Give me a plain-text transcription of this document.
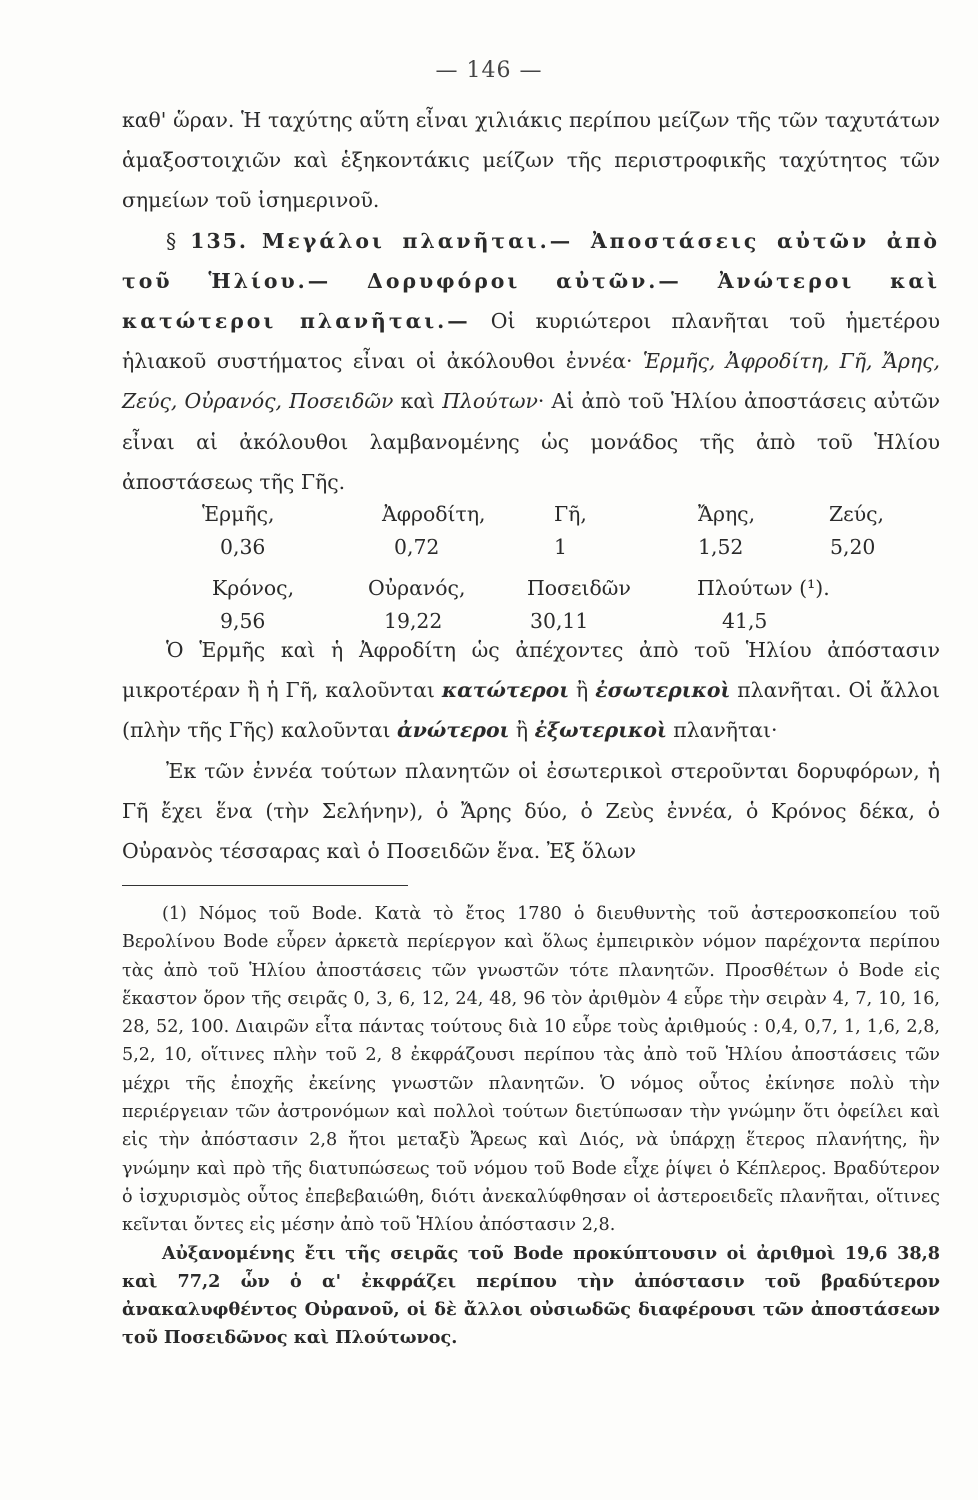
— 146 —

καθ' ὥραν. Ἡ ταχύτης αὕτη εἶναι χιλιάκις περίπου μείζων τῆς τῶν ταχυτάτων ἁμαξοστοιχιῶν καὶ ἑξηκοντάκις μείζων τῆς περιστροφικῆς ταχύτητος τῶν σημείων τοῦ ἰσημερινοῦ.

§ 135. Μεγάλοι πλανῆται.— Ἀποστάσεις αὐτῶν ἀπὸ τοῦ Ἡλίου.— Δορυφόροι αὐτῶν.— Ἀνώτεροι καὶ κατώτεροι πλανῆται.— Οἱ κυριώτεροι πλανῆται τοῦ ἡμετέρου ἡλιακοῦ συστήματος εἶναι οἱ ἀκόλουθοι ἐννέα· Ἑρμῆς, Ἀφροδίτη, Γῆ, Ἄρης, Ζεύς, Οὐρανός, Ποσειδῶν καὶ Πλούτων· Αἱ ἀπὸ τοῦ Ἡλίου ἀποστάσεις αὐτῶν εἶναι αἱ ἀκόλουθοι λαμβανομένης ὡς μονάδος τῆς ἀπὸ τοῦ Ἡλίου ἀποστάσεως τῆς Γῆς.

Ἑρμῆς,	Ἀφροδίτη,	Γῆ,	Ἄρης,	Ζεύς,
0,36	0,72	1	1,52	5,20
Κρόνος,	Οὐρανός,	Ποσειδῶν	Πλούτων (¹).
9,56	19,22	30,11	41,5

Ὁ Ἑρμῆς καὶ ἡ Ἀφροδίτη ὡς ἀπέχοντες ἀπὸ τοῦ Ἡλίου ἀπόστασιν μικροτέραν ἢ ἡ Γῆ, καλοῦνται κατώτεροι ἢ ἐσωτερικοὶ πλανῆται. Οἱ ἄλλοι (πλὴν τῆς Γῆς) καλοῦνται ἀνώτεροι ἢ ἐξωτερικοὶ πλανῆται·

Ἐκ τῶν ἐννέα τούτων πλανητῶν οἱ ἐσωτερικοὶ στεροῦνται δορυφόρων, ἡ Γῆ ἔχει ἕνα (τὴν Σελήνην), ὁ Ἄρης δύο, ὁ Ζεὺς ἐννέα, ὁ Κρόνος δέκα, ὁ Οὐρανὸς τέσσαρας καὶ ὁ Ποσειδῶν ἕνα. Ἐξ ὅλων

(1) Νόμος τοῦ Bode. Κατὰ τὸ ἔτος 1780 ὁ διευθυντὴς τοῦ ἀστεροσκοπείου τοῦ Βερολίνου Bode εὗρεν ἀρκετὰ περίεργον καὶ ὅλως ἐμπειρικὸν νόμον παρέχοντα περίπου τὰς ἀπὸ τοῦ Ἡλίου ἀποστάσεις τῶν γνωστῶν τότε πλανητῶν. Προσθέτων ὁ Bode εἰς ἕκαστον ὅρον τῆς σειρᾶς 0, 3, 6, 12, 24, 48, 96 τὸν ἀριθμὸν 4 εὗρε τὴν σειρὰν 4, 7, 10, 16, 28, 52, 100. Διαιρῶν εἶτα πάντας τούτους διὰ 10 εὗρε τοὺς ἀριθμούς : 0,4, 0,7, 1, 1,6, 2,8, 5,2, 10, οἵτινες πλὴν τοῦ 2, 8 ἐκφράζουσι περίπου τὰς ἀπὸ τοῦ Ἡλίου ἀποστάσεις τῶν μέχρι τῆς ἐποχῆς ἐκείνης γνωστῶν πλανητῶν. Ὁ νόμος οὗτος ἐκίνησε πολὺ τὴν περιέργειαν τῶν ἀστρονόμων καὶ πολλοὶ τούτων διετύπωσαν τὴν γνώμην ὅτι ὀφείλει καὶ εἰς τὴν ἀπόστασιν 2,8 ἤτοι μεταξὺ Ἄρεως καὶ Διός, νὰ ὑπάρχῃ ἕτερος πλανήτης, ἣν γνώμην καὶ πρὸ τῆς διατυπώσεως τοῦ νόμου τοῦ Bode εἶχε ῥίψει ὁ Κέπλερος. Βραδύτερον ὁ ἰσχυρισμὸς οὗτος ἐπεβεβαιώθη, διότι ἀνεκαλύφθησαν οἱ ἀστεροειδεῖς πλανῆται, οἵτινες κεῖνται ὄντες εἰς μέσην ἀπὸ τοῦ Ἡλίου ἀπόστασιν 2,8.

Αὐξανομένης ἔτι τῆς σειρᾶς τοῦ Bode προκύπτουσιν οἱ ἀριθμοὶ 19,6 38,8 καὶ 77,2 ὧν ὁ α' ἐκφράζει περίπου τὴν ἀπόστασιν τοῦ βραδύτερον ἀνακαλυφθέντος Οὐρανοῦ, οἱ δὲ ἄλλοι οὐσιωδῶς διαφέρουσι τῶν ἀποστάσεων τοῦ Ποσειδῶνος καὶ Πλούτωνος.
